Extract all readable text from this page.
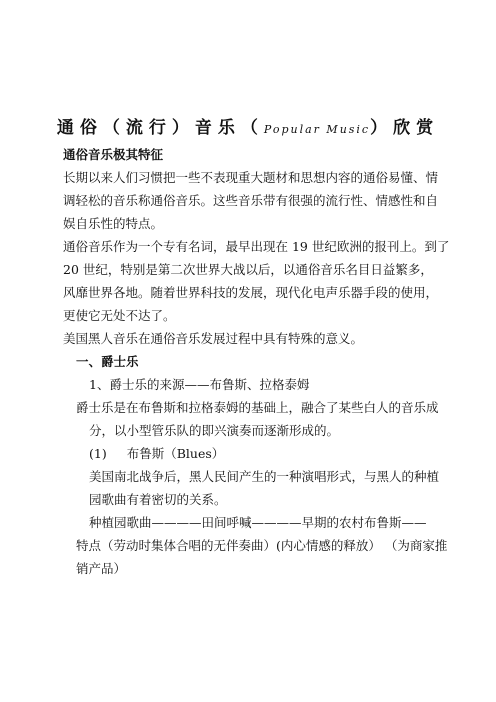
通俗（流行）音乐（Popular Music）欣赏
通俗音乐极其特征
长期以来人们习惯把一些不表现重大题材和思想内容的通俗易懂、情
调轻松的音乐称通俗音乐。这些音乐带有很强的流行性、情感性和自
娱自乐性的特点。
通俗音乐作为一个专有名词，最早出现在 19 世纪欧洲的报刊上。到了
20 世纪，特别是第二次世界大战以后，以通俗音乐名目日益繁多，
风靡世界各地。随着世界科技的发展，现代化电声乐器手段的使用，
更使它无处不达了。
美国黑人音乐在通俗音乐发展过程中具有特殊的意义。
一、爵士乐
1、爵士乐的来源——布鲁斯、拉格泰姆
爵士乐是在布鲁斯和拉格泰姆的基础上，融合了某些白人的音乐成
分，以小型管乐队的即兴演奏而逐渐形成的。
(1) 布鲁斯（Blues）
美国南北战争后，黑人民间产生的一种演唱形式，与黑人的种植
园歌曲有着密切的关系。
种植园歌曲————田间呼喊————早期的农村布鲁斯——
特点（劳动时集体合唱的无伴奏曲）(内心情感的释放） （为商家推
销产品）
